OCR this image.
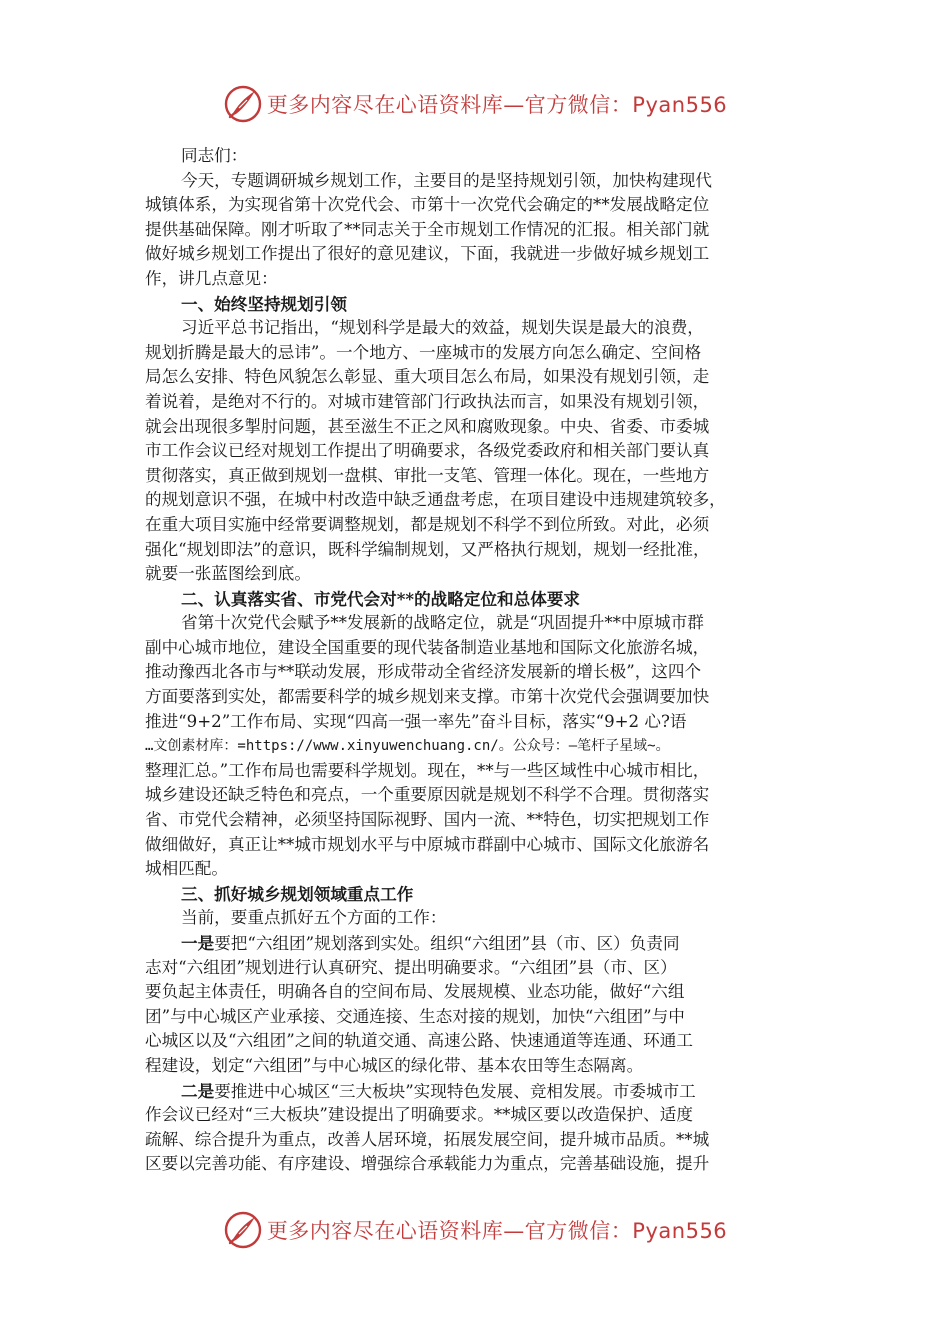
更多内容尽在心语资料库—官方微信：Pyan556
同志们：
今天，专题调研城乡规划工作，主要目的是坚持规划引领，加快构建现代
城镇体系，为实现省第十次党代会、市第十一次党代会确定的**发展战略定位
提供基础保障。刚才听取了**同志关于全市规划工作情况的汇报。相关部门就
做好城乡规划工作提出了很好的意见建议，下面，我就进一步做好城乡规划工
作，讲几点意见：
一、始终坚持规划引领
习近平总书记指出，“规划科学是最大的效益，规划失误是最大的浪费，
规划折腾是最大的忌讳”。一个地方、一座城市的发展方向怎么确定、空间格
局怎么安排、特色风貌怎么彰显、重大项目怎么布局，如果没有规划引领，走
着说着，是绝对不行的。对城市建管部门行政执法而言，如果没有规划引领，
就会出现很多掣肘问题，甚至滋生不正之风和腐败现象。中央、省委、市委城
市工作会议已经对规划工作提出了明确要求，各级党委政府和相关部门要认真
贯彻落实，真正做到规划一盘棋、审批一支笔、管理一体化。现在，一些地方
的规划意识不强，在城中村改造中缺乏通盘考虑，在项目建设中违规建筑较多，
在重大项目实施中经常要调整规划，都是规划不科学不到位所致。对此，必须
强化“规划即法”的意识，既科学编制规划，又严格执行规划，规划一经批准，
就要一张蓝图绘到底。
二、认真落实省、市党代会对**的战略定位和总体要求
省第十次党代会赋予**发展新的战略定位，就是“巩固提升**中原城市群
副中心城市地位，建设全国重要的现代装备制造业基地和国际文化旅游名城，
推动豫西北各市与**联动发展，形成带动全省经济发展新的增长极”，这四个
方面要落到实处，都需要科学的城乡规划来支撑。市第十次党代会强调要加快
推进“9+2”工作布局、实现“四高一强一率先”奋斗目标，落实“9+2 心?语
…文创素材库：=https://www.xinyuwenchuang.cn/。公众号：—笔杆子星域~。
整理汇总。”工作布局也需要科学规划。现在，**与一些区域性中心城市相比，
城乡建设还缺乏特色和亮点，一个重要原因就是规划不科学不合理。贯彻落实
省、市党代会精神，必须坚持国际视野、国内一流、**特色，切实把规划工作
做细做好，真正让**城市规划水平与中原城市群副中心城市、国际文化旅游名
城相匹配。
三、抓好城乡规划领域重点工作
当前，要重点抓好五个方面的工作：
一是要把“六组团”规划落到实处。组织“六组团”县（市、区）负责同
志对“六组团”规划进行认真研究、提出明确要求。“六组团”县（市、区）
要负起主体责任，明确各自的空间布局、发展规模、业态功能，做好“六组
团”与中心城区产业承接、交通连接、生态对接的规划，加快“六组团”与中
心城区以及“六组团”之间的轨道交通、高速公路、快速通道等连通、环通工
程建设，划定“六组团”与中心城区的绿化带、基本农田等生态隔离。
二是要推进中心城区“三大板块”实现特色发展、竞相发展。市委城市工
作会议已经对“三大板块”建设提出了明确要求。**城区要以改造保护、适度
疏解、综合提升为重点，改善人居环境，拓展发展空间，提升城市品质。**城
区要以完善功能、有序建设、增强综合承载能力为重点，完善基础设施，提升
更多内容尽在心语资料库—官方微信：Pyan556
